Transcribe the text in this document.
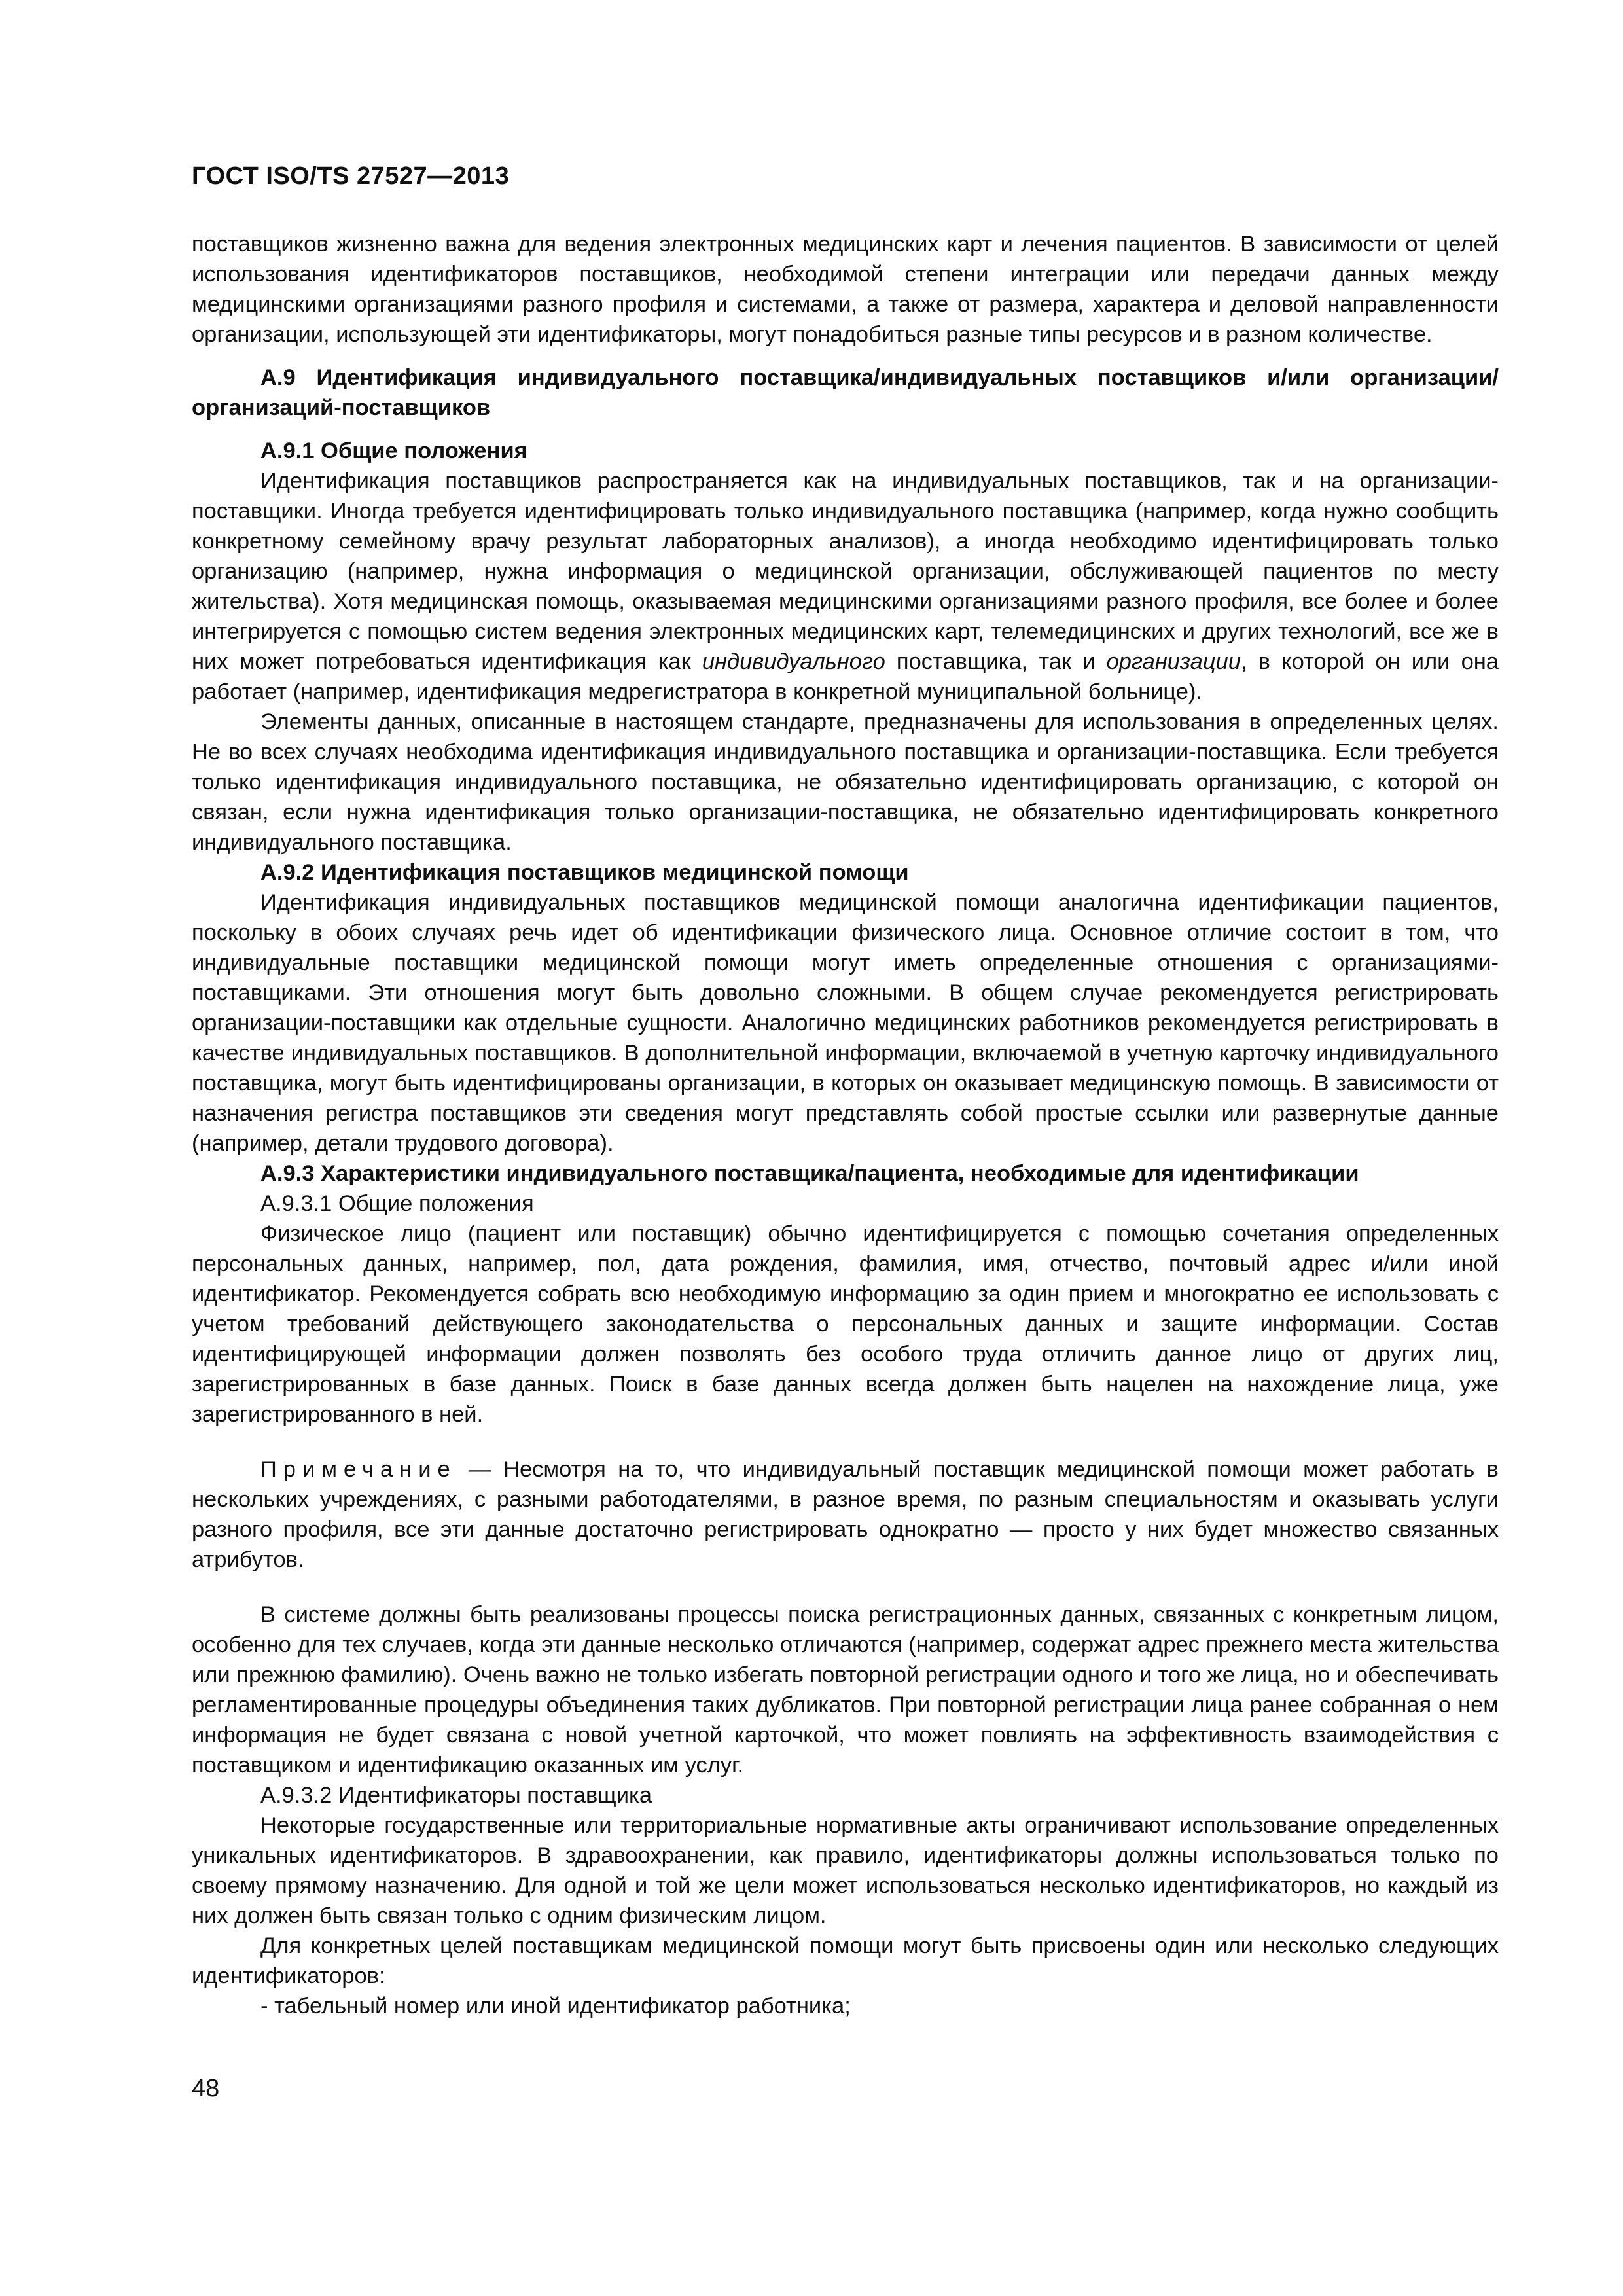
ГОСТ ISO/TS 27527—2013

поставщиков жизненно важна для ведения электронных медицинских карт и лечения пациентов. В зависимости от целей использования идентификаторов поставщиков, необходимой степени интеграции или передачи данных между медицинскими организациями разного профиля и системами, а также от размера, характера и деловой направленности организации, использующей эти идентификаторы, могут понадобиться разные типы ресурсов и в разном количестве.

А.9 Идентификация индивидуального поставщика/индивидуальных поставщиков и/или организации/организаций-поставщиков

А.9.1 Общие положения

Идентификация поставщиков распространяется как на индивидуальных поставщиков, так и на организации-поставщики. Иногда требуется идентифицировать только индивидуального поставщика (например, когда нужно сообщить конкретному семейному врачу результат лабораторных анализов), а иногда необходимо идентифицировать только организацию (например, нужна информация о медицинской организации, обслуживающей пациентов по месту жительства). Хотя медицинская помощь, оказываемая медицинскими организациями разного профиля, все более и более интегрируется с помощью систем ведения электронных медицинских карт, телемедицинских и других технологий, все же в них может потребоваться идентификация как индивидуального поставщика, так и организации, в которой он или она работает (например, идентификация медрегистратора в конкретной муниципальной больнице).

Элементы данных, описанные в настоящем стандарте, предназначены для использования в определенных целях. Не во всех случаях необходима идентификация индивидуального поставщика и организации-поставщика. Если требуется только идентификация индивидуального поставщика, не обязательно идентифицировать организацию, с которой он связан, если нужна идентификация только организации-поставщика, не обязательно идентифицировать конкретного индивидуального поставщика.

А.9.2 Идентификация поставщиков медицинской помощи

Идентификация индивидуальных поставщиков медицинской помощи аналогична идентификации пациентов, поскольку в обоих случаях речь идет об идентификации физического лица. Основное отличие состоит в том, что индивидуальные поставщики медицинской помощи могут иметь определенные отношения с организациями-поставщиками. Эти отношения могут быть довольно сложными. В общем случае рекомендуется регистрировать организации-поставщики как отдельные сущности. Аналогично медицинских работников рекомендуется регистрировать в качестве индивидуальных поставщиков. В дополнительной информации, включаемой в учетную карточку индивидуального поставщика, могут быть идентифицированы организации, в которых он оказывает медицинскую помощь. В зависимости от назначения регистра поставщиков эти сведения могут представлять собой простые ссылки или развернутые данные (например, детали трудового договора).

А.9.3 Характеристики индивидуального поставщика/пациента, необходимые для идентификации

А.9.3.1 Общие положения

Физическое лицо (пациент или поставщик) обычно идентифицируется с помощью сочетания определенных персональных данных, например, пол, дата рождения, фамилия, имя, отчество, почтовый адрес и/или иной идентификатор. Рекомендуется собрать всю необходимую информацию за один прием и многократно ее использовать с учетом требований действующего законодательства о персональных данных и защите информации. Состав идентифицирующей информации должен позволять без особого труда отличить данное лицо от других лиц, зарегистрированных в базе данных. Поиск в базе данных всегда должен быть нацелен на нахождение лица, уже зарегистрированного в ней.

Примечание — Несмотря на то, что индивидуальный поставщик медицинской помощи может работать в нескольких учреждениях, с разными работодателями, в разное время, по разным специальностям и оказывать услуги разного профиля, все эти данные достаточно регистрировать однократно — просто у них будет множество связанных атрибутов.

В системе должны быть реализованы процессы поиска регистрационных данных, связанных с конкретным лицом, особенно для тех случаев, когда эти данные несколько отличаются (например, содержат адрес прежнего места жительства или прежнюю фамилию). Очень важно не только избегать повторной регистрации одного и того же лица, но и обеспечивать регламентированные процедуры объединения таких дубликатов. При повторной регистрации лица ранее собранная о нем информация не будет связана с новой учетной карточкой, что может повлиять на эффективность взаимодействия с поставщиком и идентификацию оказанных им услуг.

А.9.3.2 Идентификаторы поставщика

Некоторые государственные или территориальные нормативные акты ограничивают использование определенных уникальных идентификаторов. В здравоохранении, как правило, идентификаторы должны использоваться только по своему прямому назначению. Для одной и той же цели может использоваться несколько идентификаторов, но каждый из них должен быть связан только с одним физическим лицом.

Для конкретных целей поставщикам медицинской помощи могут быть присвоены один или несколько следующих идентификаторов:

- табельный номер или иной идентификатор работника;

48
